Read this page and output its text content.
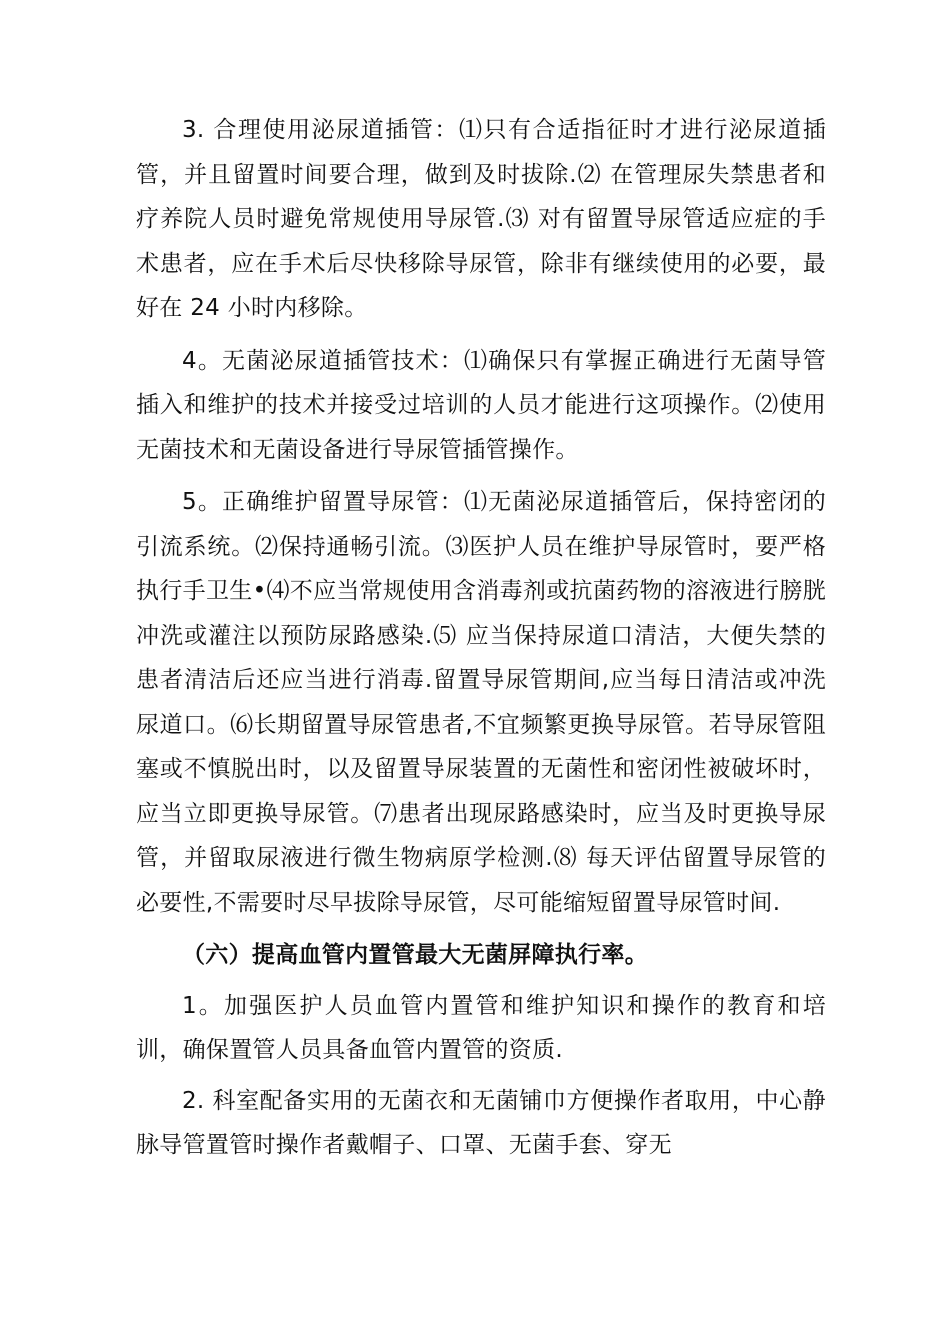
3. 合理使用泌尿道插管：⑴只有合适指征时才进行泌尿道插管，并且留置时间要合理，做到及时拔除.⑵ 在管理尿失禁患者和疗养院人员时避免常规使用导尿管.⑶ 对有留置导尿管适应症的手术患者，应在手术后尽快移除导尿管，除非有继续使用的必要，最好在 24 小时内移除。

4。无菌泌尿道插管技术：⑴确保只有掌握正确进行无菌导管插入和维护的技术并接受过培训的人员才能进行这项操作。⑵使用无菌技术和无菌设备进行导尿管插管操作。

5。正确维护留置导尿管：⑴无菌泌尿道插管后，保持密闭的引流系统。⑵保持通畅引流。⑶医护人员在维护导尿管时，要严格执行手卫生•⑷不应当常规使用含消毒剂或抗菌药物的溶液进行膀胱冲洗或灌注以预防尿路感染.⑸ 应当保持尿道口清洁，大便失禁的患者清洁后还应当进行消毒.留置导尿管期间,应当每日清洁或冲洗尿道口。⑹长期留置导尿管患者,不宜频繁更换导尿管。若导尿管阻塞或不慎脱出时，以及留置导尿装置的无菌性和密闭性被破坏时，应当立即更换导尿管。⑺患者出现尿路感染时，应当及时更换导尿管，并留取尿液进行微生物病原学检测.⑻ 每天评估留置导尿管的必要性,不需要时尽早拔除导尿管，尽可能缩短留置导尿管时间.

（六）提高血管内置管最大无菌屏障执行率。

1。加强医护人员血管内置管和维护知识和操作的教育和培训，确保置管人员具备血管内置管的资质.

2. 科室配备实用的无菌衣和无菌铺巾方便操作者取用，中心静脉导管置管时操作者戴帽子、口罩、无菌手套、穿无
